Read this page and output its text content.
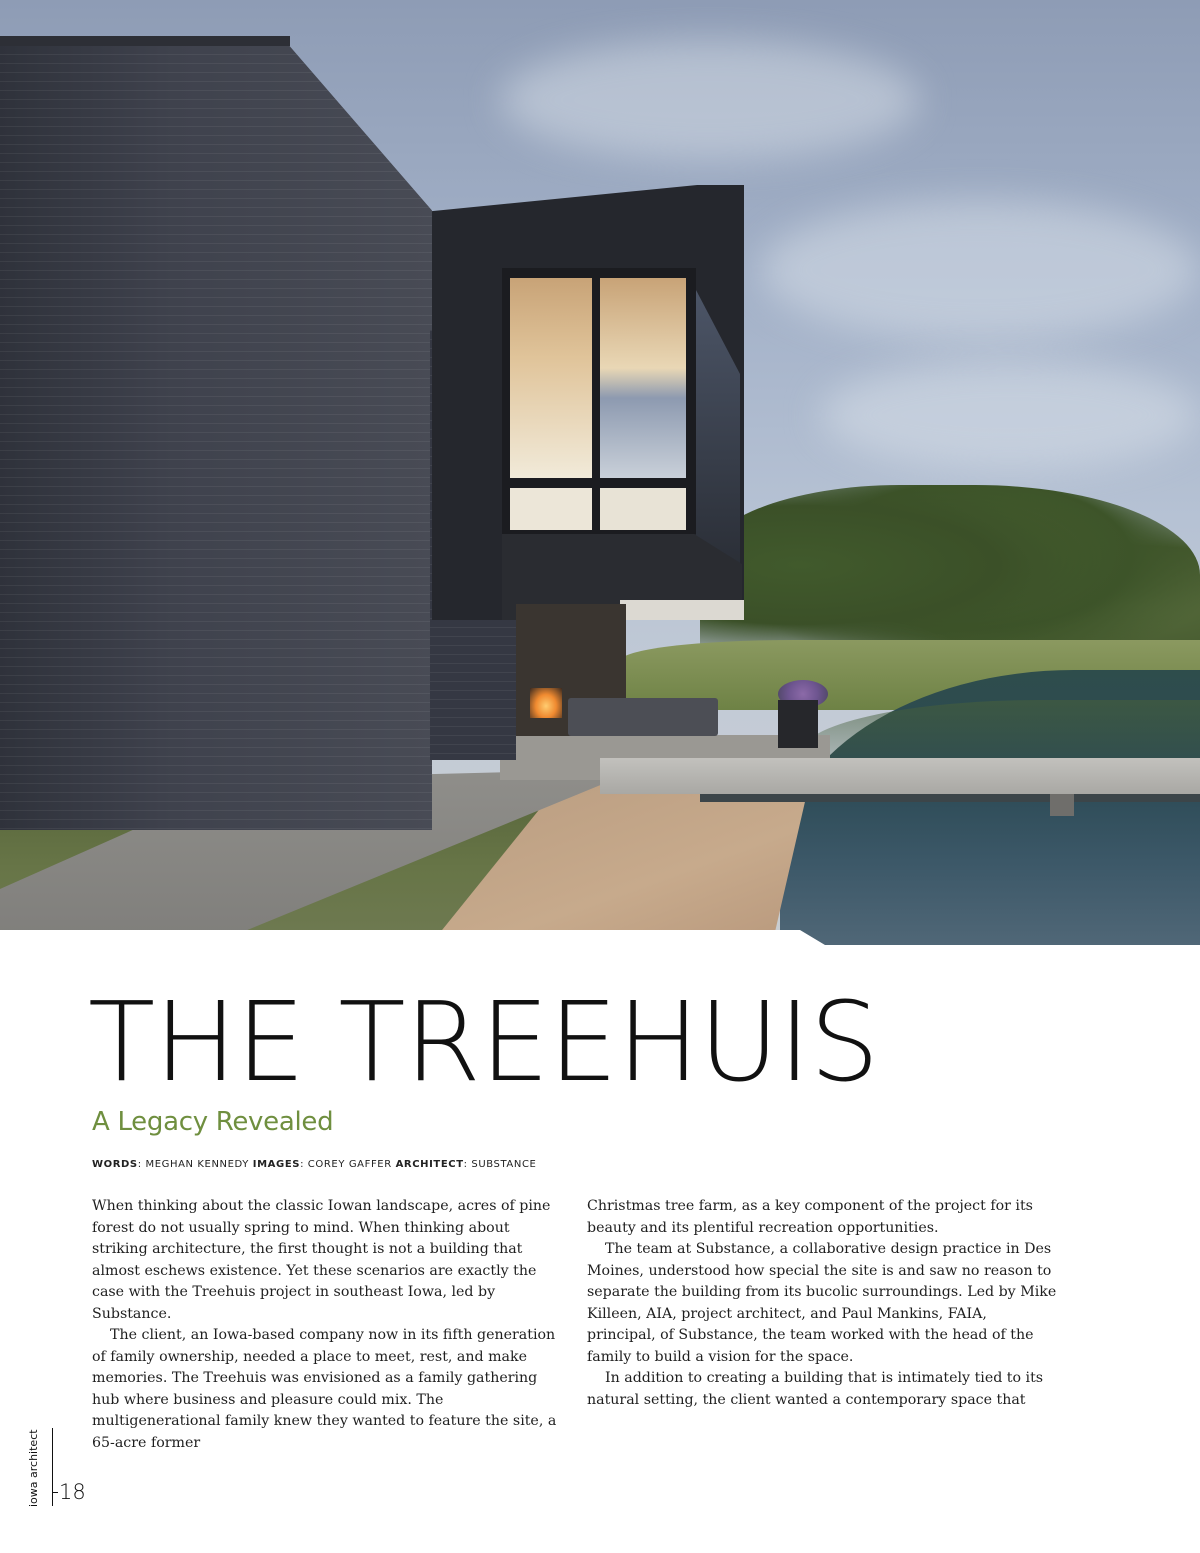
THE TREEHUIS
A Legacy Revealed
WORDS: MEGHAN KENNEDY IMAGES: COREY GAFFER ARCHITECT: SUBSTANCE

When thinking about the classic Iowan landscape, acres of pine forest do not usually spring to mind. When thinking about striking architecture, the first thought is not a building that almost eschews existence. Yet these scenarios are exactly the case with the Treehuis project in southeast Iowa, led by Substance.

The client, an Iowa-based company now in its fifth generation of family ownership, needed a place to meet, rest, and make memories. The Treehuis was envisioned as a family gathering hub where business and pleasure could mix. The multigenerational family knew they wanted to feature the site, a 65-acre former

Christmas tree farm, as a key component of the project for its beauty and its plentiful recreation opportunities.

The team at Substance, a collaborative design practice in Des Moines, understood how special the site is and saw no reason to separate the building from its bucolic surroundings. Led by Mike Killeen, AIA, project architect, and Paul Mankins, FAIA, principal, of Substance, the team worked with the head of the family to build a vision for the space.

In addition to creating a building that is intimately tied to its natural setting, the client wanted a contemporary space that

iowa architect 18
